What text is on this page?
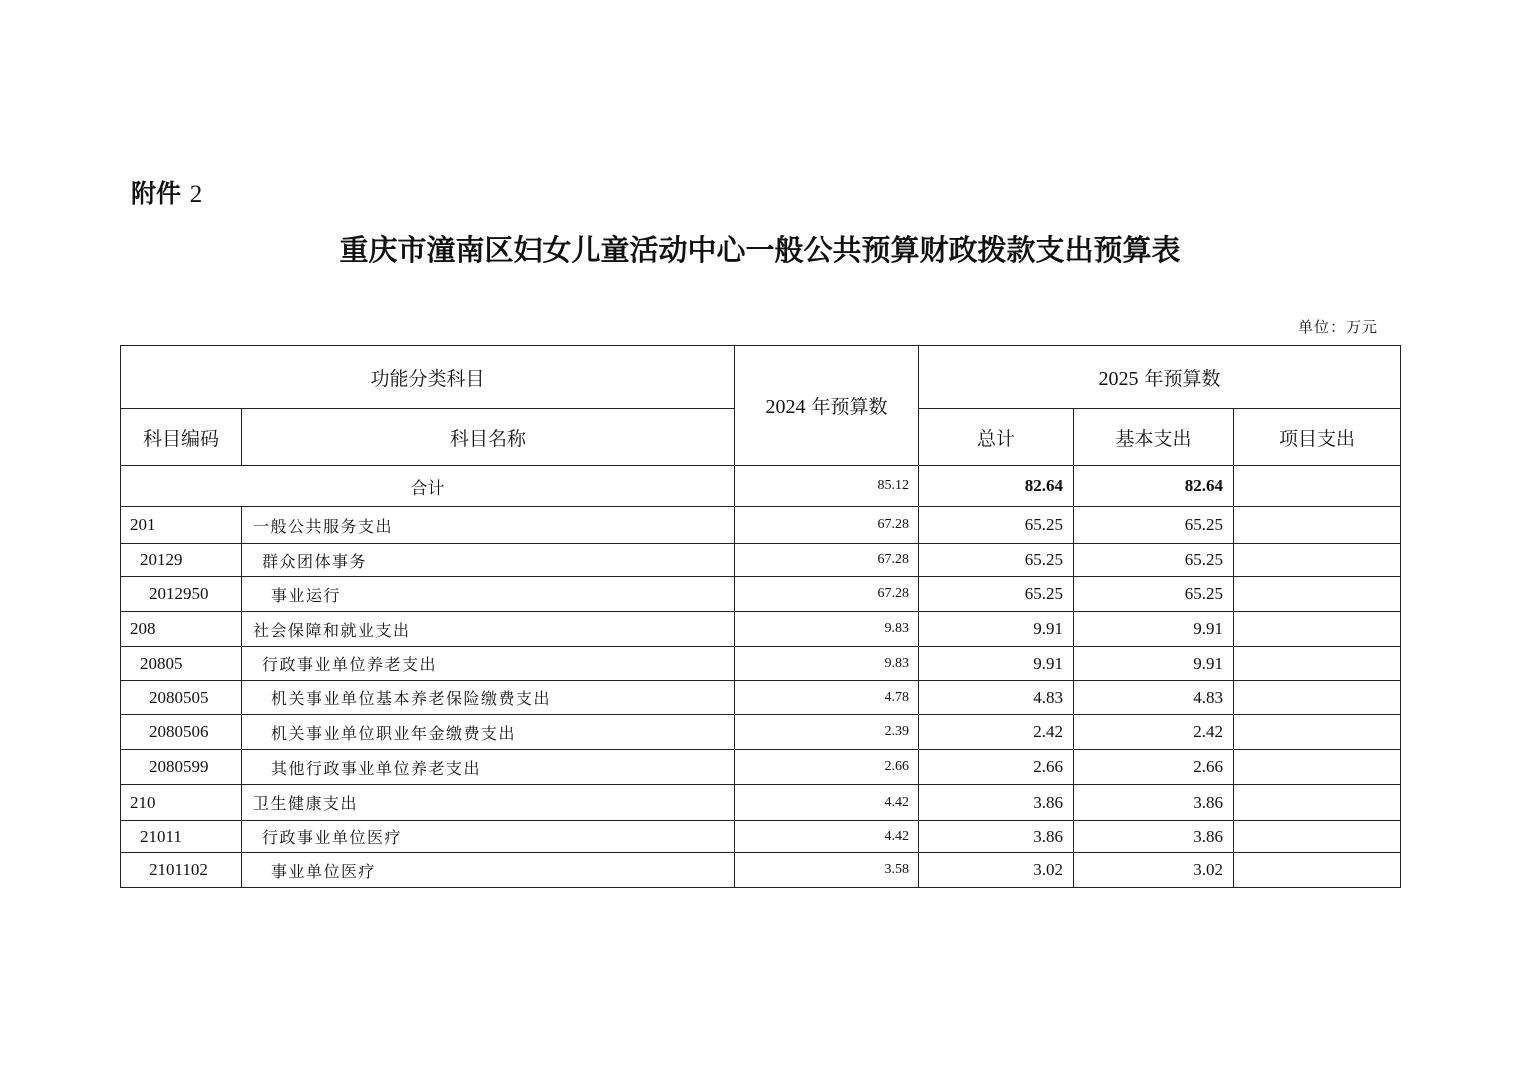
附件 2
重庆市潼南区妇女儿童活动中心一般公共预算财政拨款支出预算表
单位：万元
功能分类科目		2024 年预算数	2025 年预算数		
科目编码	科目名称		总计	基本支出	项目支出
合计		85.12	82.64	82.64	
201	一般公共服务支出	67.28	65.25	65.25	
20129	群众团体事务	67.28	65.25	65.25	
2012950	事业运行	67.28	65.25	65.25	
208	社会保障和就业支出	9.83	9.91	9.91	
20805	行政事业单位养老支出	9.83	9.91	9.91	
2080505	机关事业单位基本养老保险缴费支出	4.78	4.83	4.83	
2080506	机关事业单位职业年金缴费支出	2.39	2.42	2.42	
2080599	其他行政事业单位养老支出	2.66	2.66	2.66	
210	卫生健康支出	4.42	3.86	3.86	
21011	行政事业单位医疗	4.42	3.86	3.86	
2101102	事业单位医疗	3.58	3.02	3.02	
